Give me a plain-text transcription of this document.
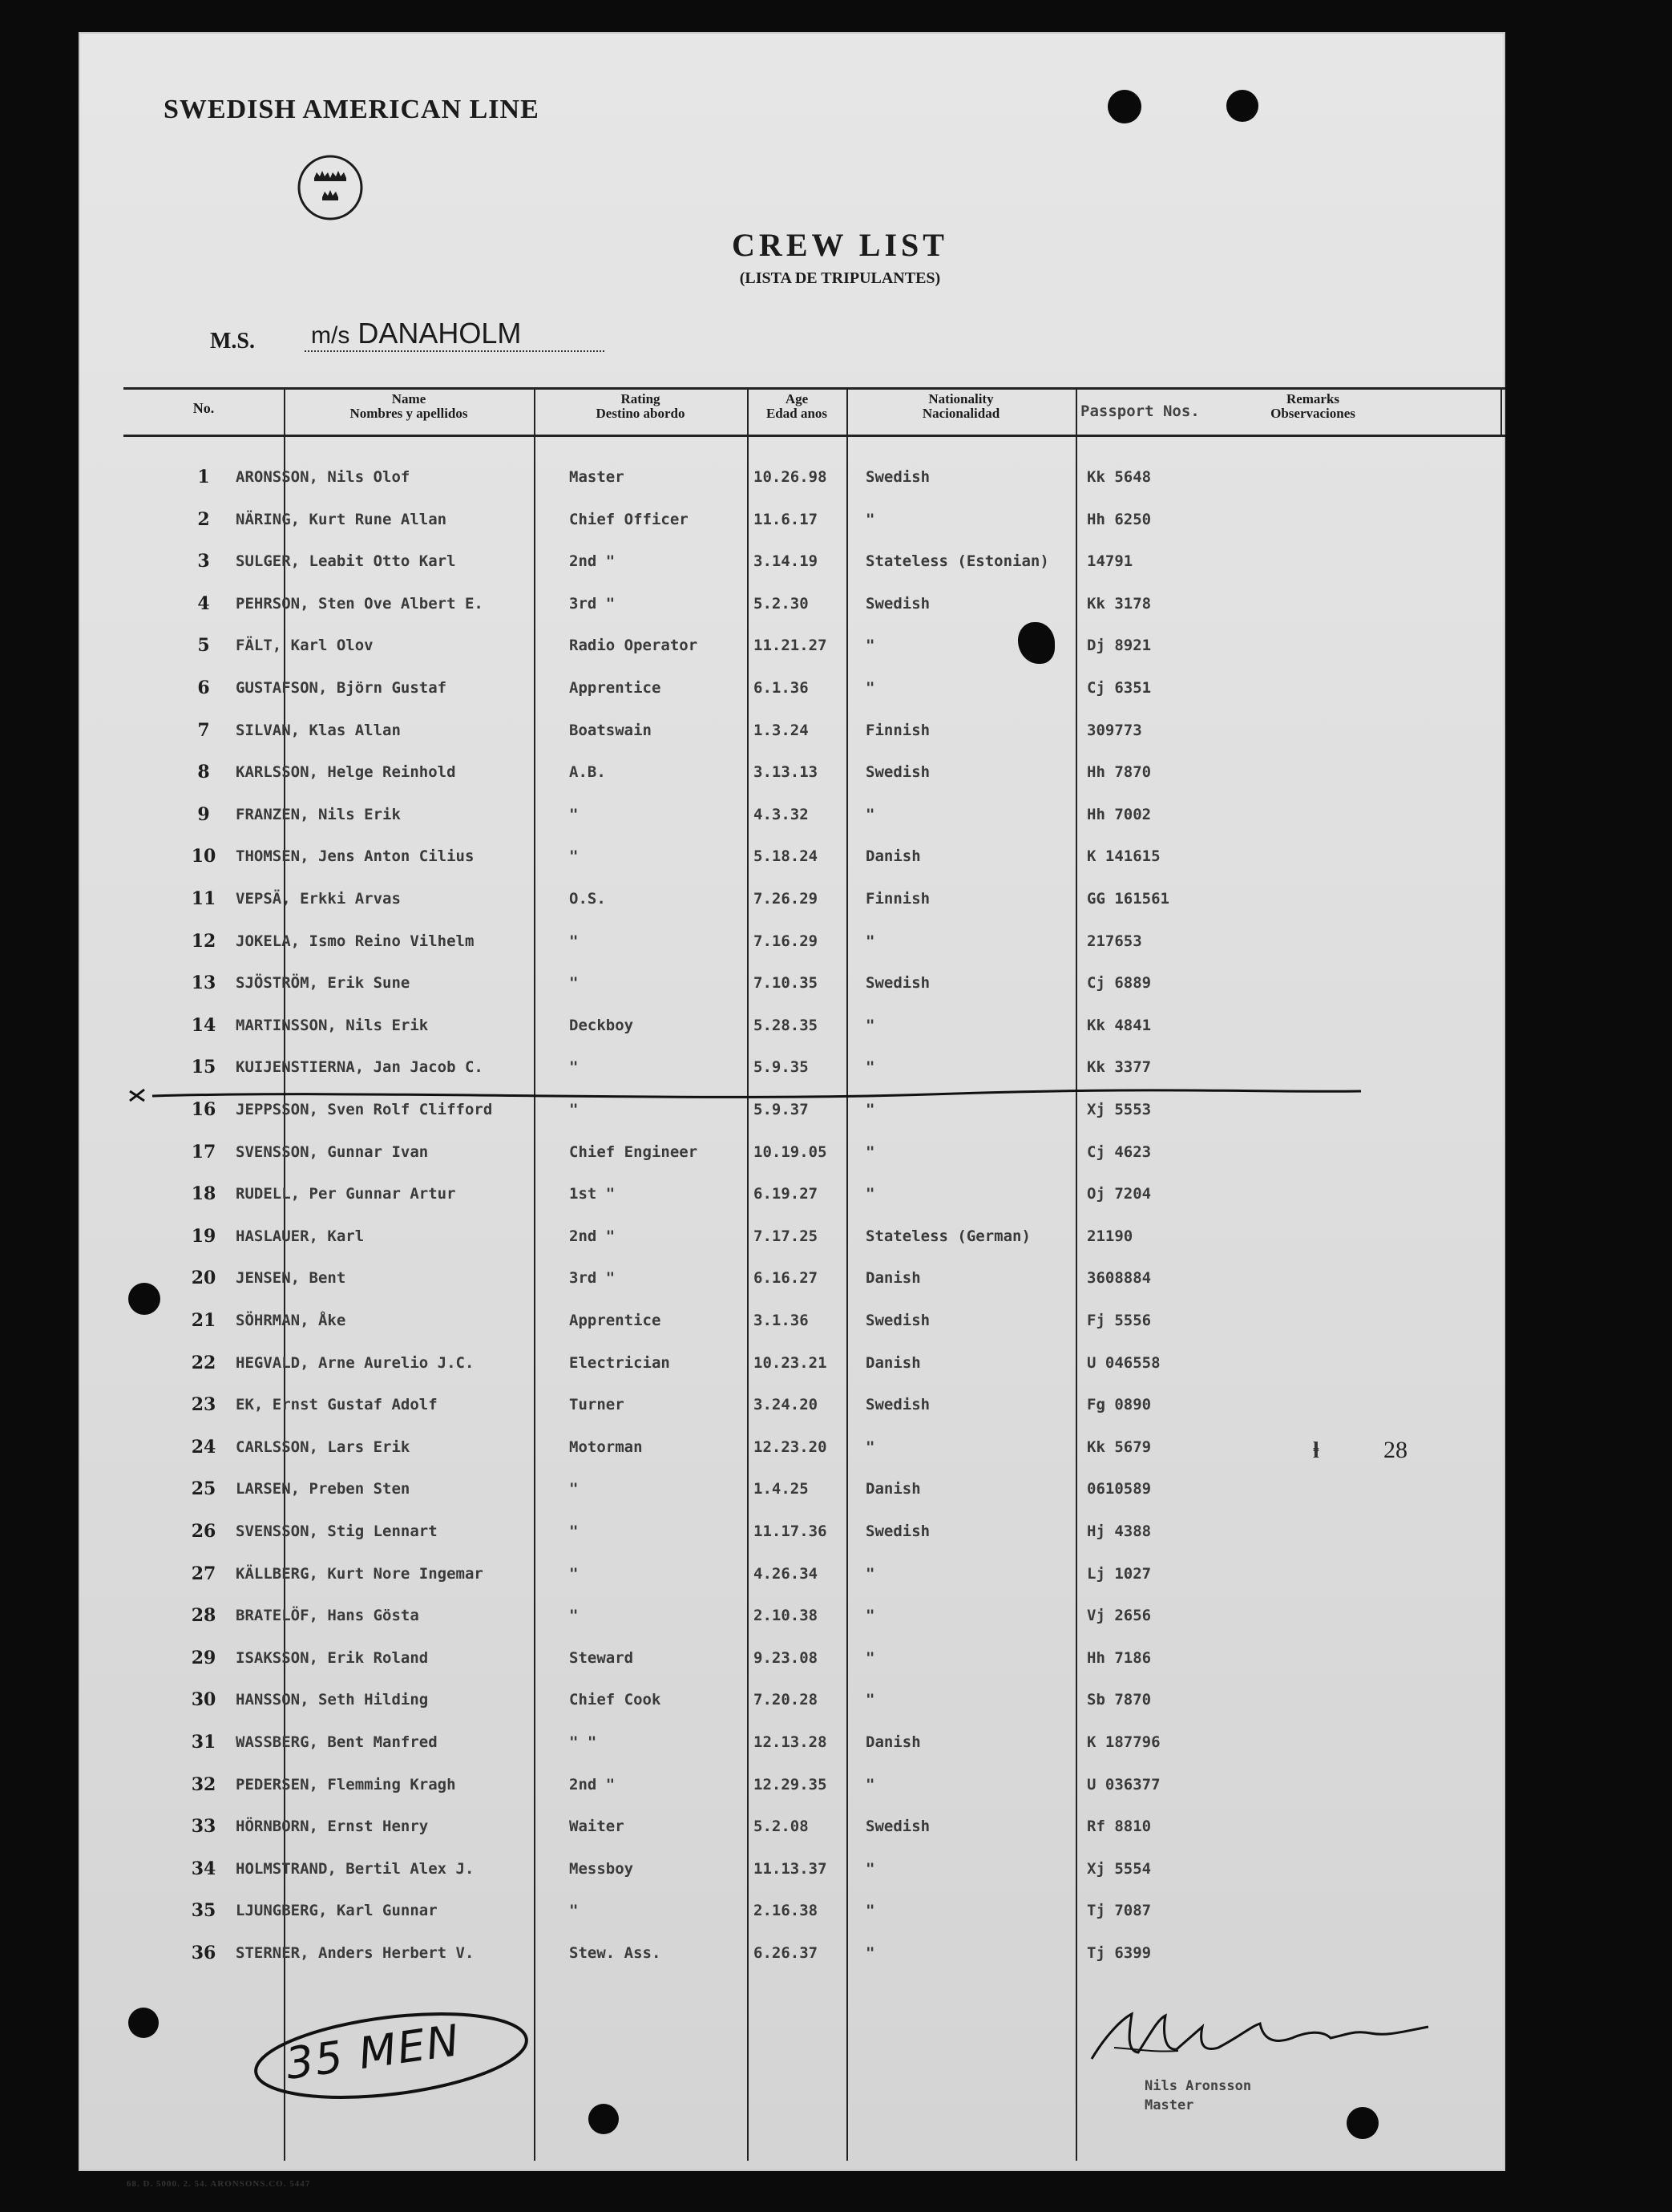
SWEDISH AMERICAN LINE
CREW LIST
(LISTA DE TRIPULANTES)
M.S. m/s DANAHOLM
No.
Name
Nombres y apellidos
Rating
Destino abordo
Age
Edad anos
Nationality
Nacionalidad	Passport Nos.
Remarks
Observaciones
1	ARONSSON, Nils Olof	Master	10.26.98	Swedish	Kk 5648
2	NÄRING, Kurt Rune Allan	Chief Officer	11.6.17	"	Hh 6250
3	SULGER, Leabit Otto Karl	2nd "	3.14.19	Stateless (Estonian) 14791
4	PEHRSON, Sten Ove Albert E.	3rd "	5.2.30	Swedish	Kk 3178
5	FÄLT, Karl Olov	Radio Operator	11.21.27	"	Dj 8921
6	GUSTAFSON, Björn Gustaf	Apprentice	6.1.36	"	Cj 6351
7	SILVAN, Klas Allan	Boatswain	1.3.24	Finnish	309773
8	KARLSSON, Helge Reinhold	A.B.	3.13.13	Swedish	Hh 7870
9	FRANZEN, Nils Erik	"	4.3.32	"	Hh 7002
10	THOMSEN, Jens Anton Cilius	"	5.18.24	Danish	K 141615
11	VEPSÄ, Erkki Arvas	O.S.	7.26.29	Finnish	GG 161561
12	JOKELA, Ismo Reino Vilhelm	"	7.16.29	"	217653
13	SJÖSTRÖM, Erik Sune	"	7.10.35	Swedish	Cj 6889
14	MARTINSSON, Nils Erik	Deckboy	5.28.35	"	Kk 4841
15	KUIJENSTIERNA, Jan Jacob C.	"	5.9.35	"	Kk 3377
16	JEPPSSON, Sven Rolf Clifford	"	5.9.37	"	Xj 5553
17	SVENSSON, Gunnar Ivan	Chief Engineer	10.19.05	"	Cj 4623
18	RUDELL, Per Gunnar Artur	1st "	6.19.27	"	Oj 7204
19	HASLAUER, Karl	2nd "	7.17.25	Stateless (German)	21190
20	JENSEN, Bent	3rd "	6.16.27	Danish	3608884
21	SÖHRMAN, Åke	Apprentice	3.1.36	Swedish	Fj 5556
22	HEGVALD, Arne Aurelio J.C.	Electrician	10.23.21	Danish	U 046558
23	EK, Ernst Gustaf Adolf	Turner	3.24.20	Swedish	Fg 0890
24	CARLSSON, Lars Erik	Motorman	12.23.20	"	Kk 5679
25	LARSEN, Preben Sten	"	1.4.25	Danish	0610589
26	SVENSSON, Stig Lennart	"	11.17.36	Swedish	Hj 4388
27	KÄLLBERG, Kurt Nore Ingemar	"	4.26.34	"	Lj 1027
28	BRATELÖF, Hans Gösta	"	2.10.38	"	Vj 2656
29	ISAKSSON, Erik Roland	Steward	9.23.08	"	Hh 7186
30	HANSSON, Seth Hilding	Chief Cook	7.20.28	"	Sb 7870
31	WASSBERG, Bent Manfred	" "	12.13.28	Danish	K 187796
32	PEDERSEN, Flemming Kragh	2nd "	12.29.35	"	U 036377
33	HÖRNBORN, Ernst Henry	Waiter	5.2.08	Swedish	Rf 8810
34	HOLMSTRAND, Bertil Alex J.	Messboy	11.13.37	"	Xj 5554
35	LJUNGBERG, Karl Gunnar	"	2.16.38	"	Tj 7087
36	STERNER, Anders Herbert V.	Stew. Ass.	6.26.37	"	Tj 6399
ⱡ	28
35 MEN	Nils Aronsson
Master
68. D. 5000. 2. 54. ARONSONS.CO. 5447
